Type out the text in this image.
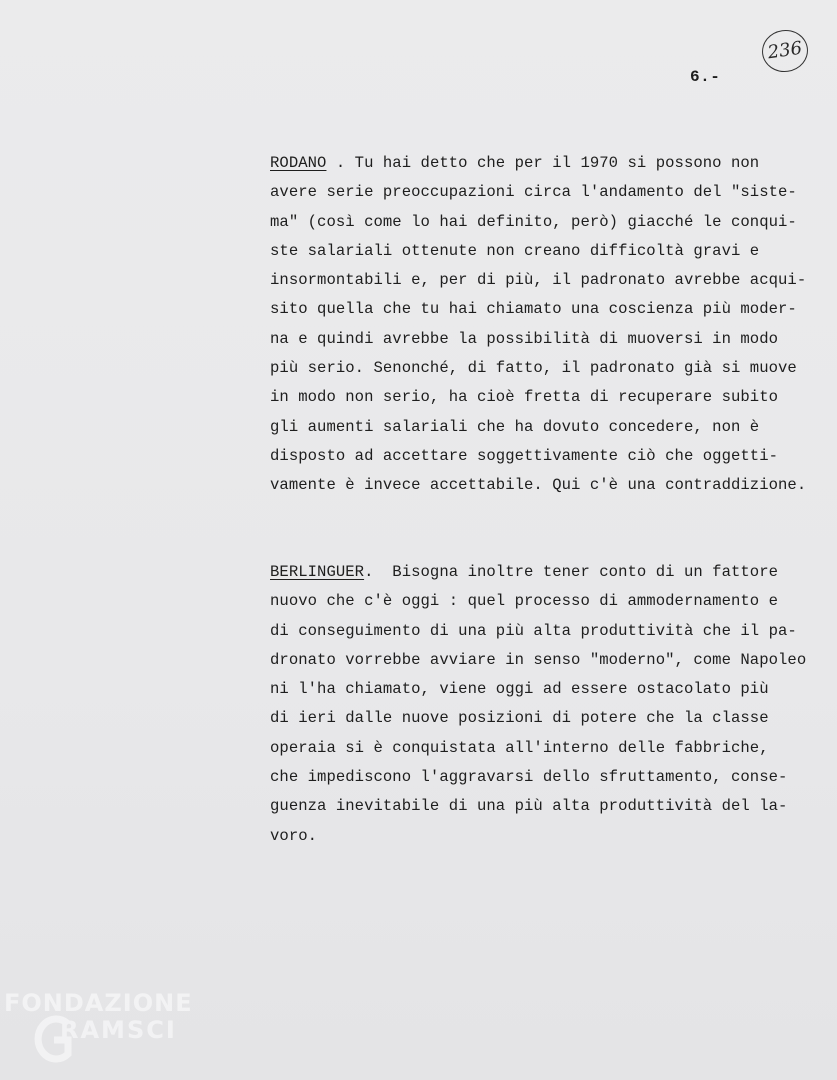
236
6.-
RODANO . Tu hai detto che per il 1970 si possono non
avere serie preoccupazioni circa l'andamento del "siste-
ma" (così come lo hai definito, però) giacché le conqui-
ste salariali ottenute non creano difficoltà gravi e
insormontabili e, per di più, il padronato avrebbe acqui-
sito quella che tu hai chiamato una coscienza più moder-
na e quindi avrebbe la possibilità di muoversi in modo
più serio. Senonché, di fatto, il padronato già si muove
in modo non serio, ha cioè fretta di recuperare subito
gli aumenti salariali che ha dovuto concedere, non è
disposto ad accettare soggettivamente ciò che oggetti-
vamente è invece accettabile. Qui c'è una contraddizione.
BERLINGUER.  Bisogna inoltre tener conto di un fattore
nuovo che c'è oggi : quel processo di ammodernamento e
di conseguimento di una più alta produttività che il pa-
dronato vorrebbe avviare in senso "moderno", come Napoleo
ni l'ha chiamato, viene oggi ad essere ostacolato più
di ieri dalle nuove posizioni di potere che la classe
operaia si è conquistata all'interno delle fabbriche,
che impediscono l'aggravarsi dello sfruttamento, conse-
guenza inevitabile di una più alta produttività del la-
voro.
FONDAZIONE
RAMSCI
